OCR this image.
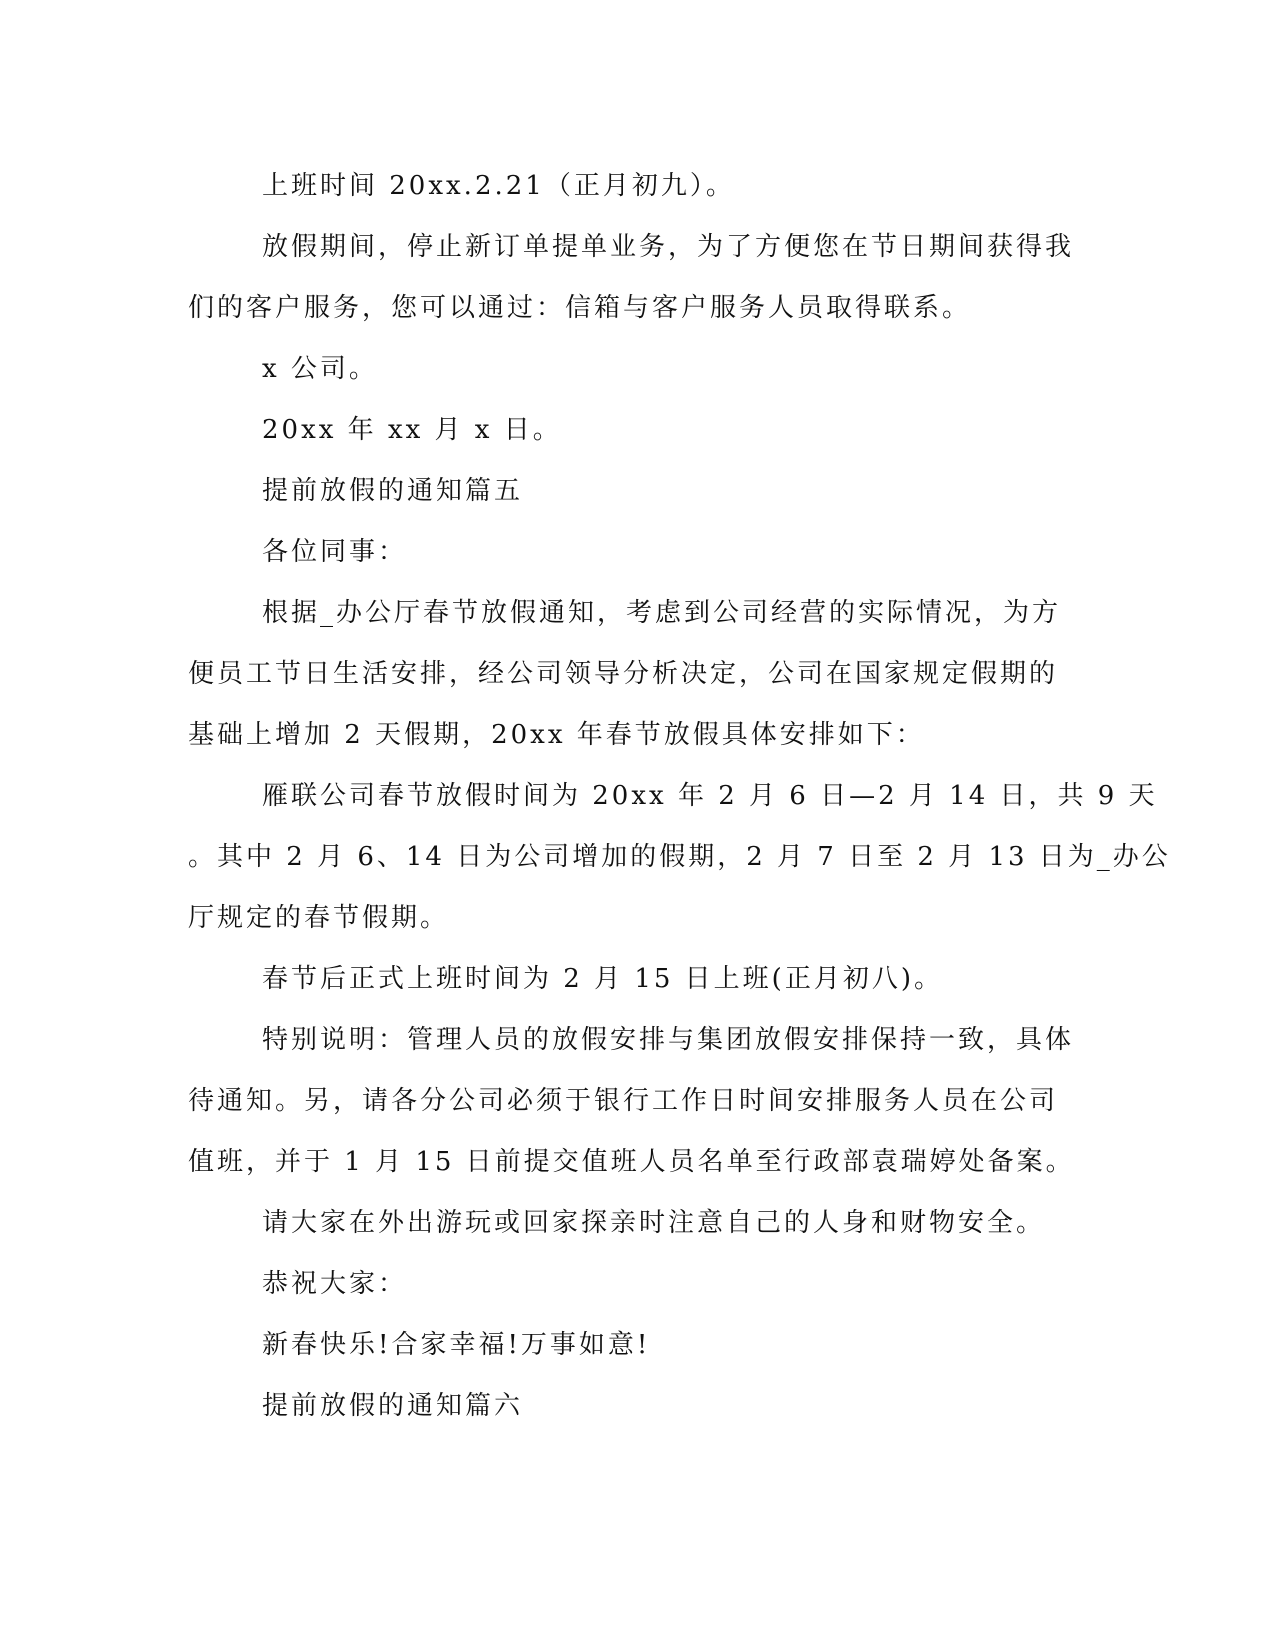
上班时间 20xx.2.21（正月初九）。
放假期间，停止新订单提单业务，为了方便您在节日期间获得我
们的客户服务，您可以通过：信箱与客户服务人员取得联系。
x 公司。
20xx 年 xx 月 x 日。
提前放假的通知篇五
各位同事：
根据_办公厅春节放假通知，考虑到公司经营的实际情况，为方
便员工节日生活安排，经公司领导分析决定，公司在国家规定假期的
基础上增加 2 天假期，20xx 年春节放假具体安排如下：
雁联公司春节放假时间为 20xx 年 2 月 6 日—2 月 14 日，共 9 天
。其中 2 月 6、14 日为公司增加的假期，2 月 7 日至 2 月 13 日为_办公
厅规定的春节假期。
春节后正式上班时间为 2 月 15 日上班(正月初八)。
特别说明：管理人员的放假安排与集团放假安排保持一致，具体
待通知。另，请各分公司必须于银行工作日时间安排服务人员在公司
值班，并于 1 月 15 日前提交值班人员名单至行政部袁瑞婷处备案。
请大家在外出游玩或回家探亲时注意自己的人身和财物安全。
恭祝大家：
新春快乐!合家幸福!万事如意!
提前放假的通知篇六
